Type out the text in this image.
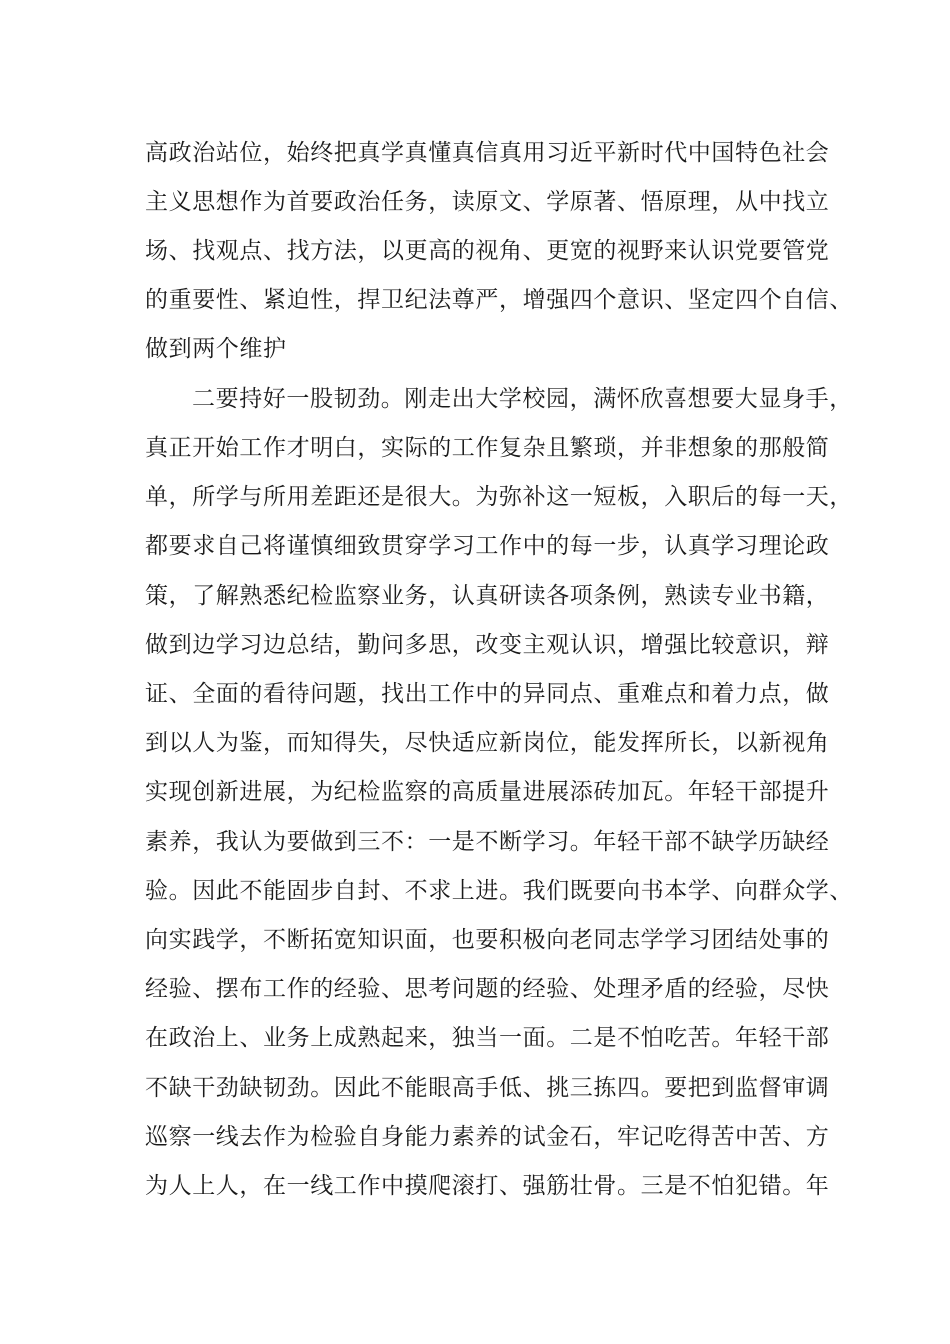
高政治站位，始终把真学真懂真信真用习近平新时代中国特色社会
主义思想作为首要政治任务，读原文、学原著、悟原理，从中找立
场、找观点、找方法，以更高的视角、更宽的视野来认识党要管党
的重要性、紧迫性，捍卫纪法尊严，增强四个意识、坚定四个自信、
做到两个维护
二要持好一股韧劲。刚走出大学校园，满怀欣喜想要大显身手，
真正开始工作才明白，实际的工作复杂且繁琐，并非想象的那般简
单，所学与所用差距还是很大。为弥补这一短板，入职后的每一天，
都要求自己将谨慎细致贯穿学习工作中的每一步，认真学习理论政
策，了解熟悉纪检监察业务，认真研读各项条例，熟读专业书籍，
做到边学习边总结，勤问多思，改变主观认识，增强比较意识，辩
证、全面的看待问题，找出工作中的异同点、重难点和着力点，做
到以人为鉴，而知得失，尽快适应新岗位，能发挥所长，以新视角
实现创新进展，为纪检监察的高质量进展添砖加瓦。年轻干部提升
素养，我认为要做到三不：一是不断学习。年轻干部不缺学历缺经
验。因此不能固步自封、不求上进。我们既要向书本学、向群众学、
向实践学，不断拓宽知识面，也要积极向老同志学学习团结处事的
经验、摆布工作的经验、思考问题的经验、处理矛盾的经验，尽快
在政治上、业务上成熟起来，独当一面。二是不怕吃苦。年轻干部
不缺干劲缺韧劲。因此不能眼高手低、挑三拣四。要把到监督审调
巡察一线去作为检验自身能力素养的试金石，牢记吃得苦中苦、方
为人上人，在一线工作中摸爬滚打、强筋壮骨。三是不怕犯错。年
